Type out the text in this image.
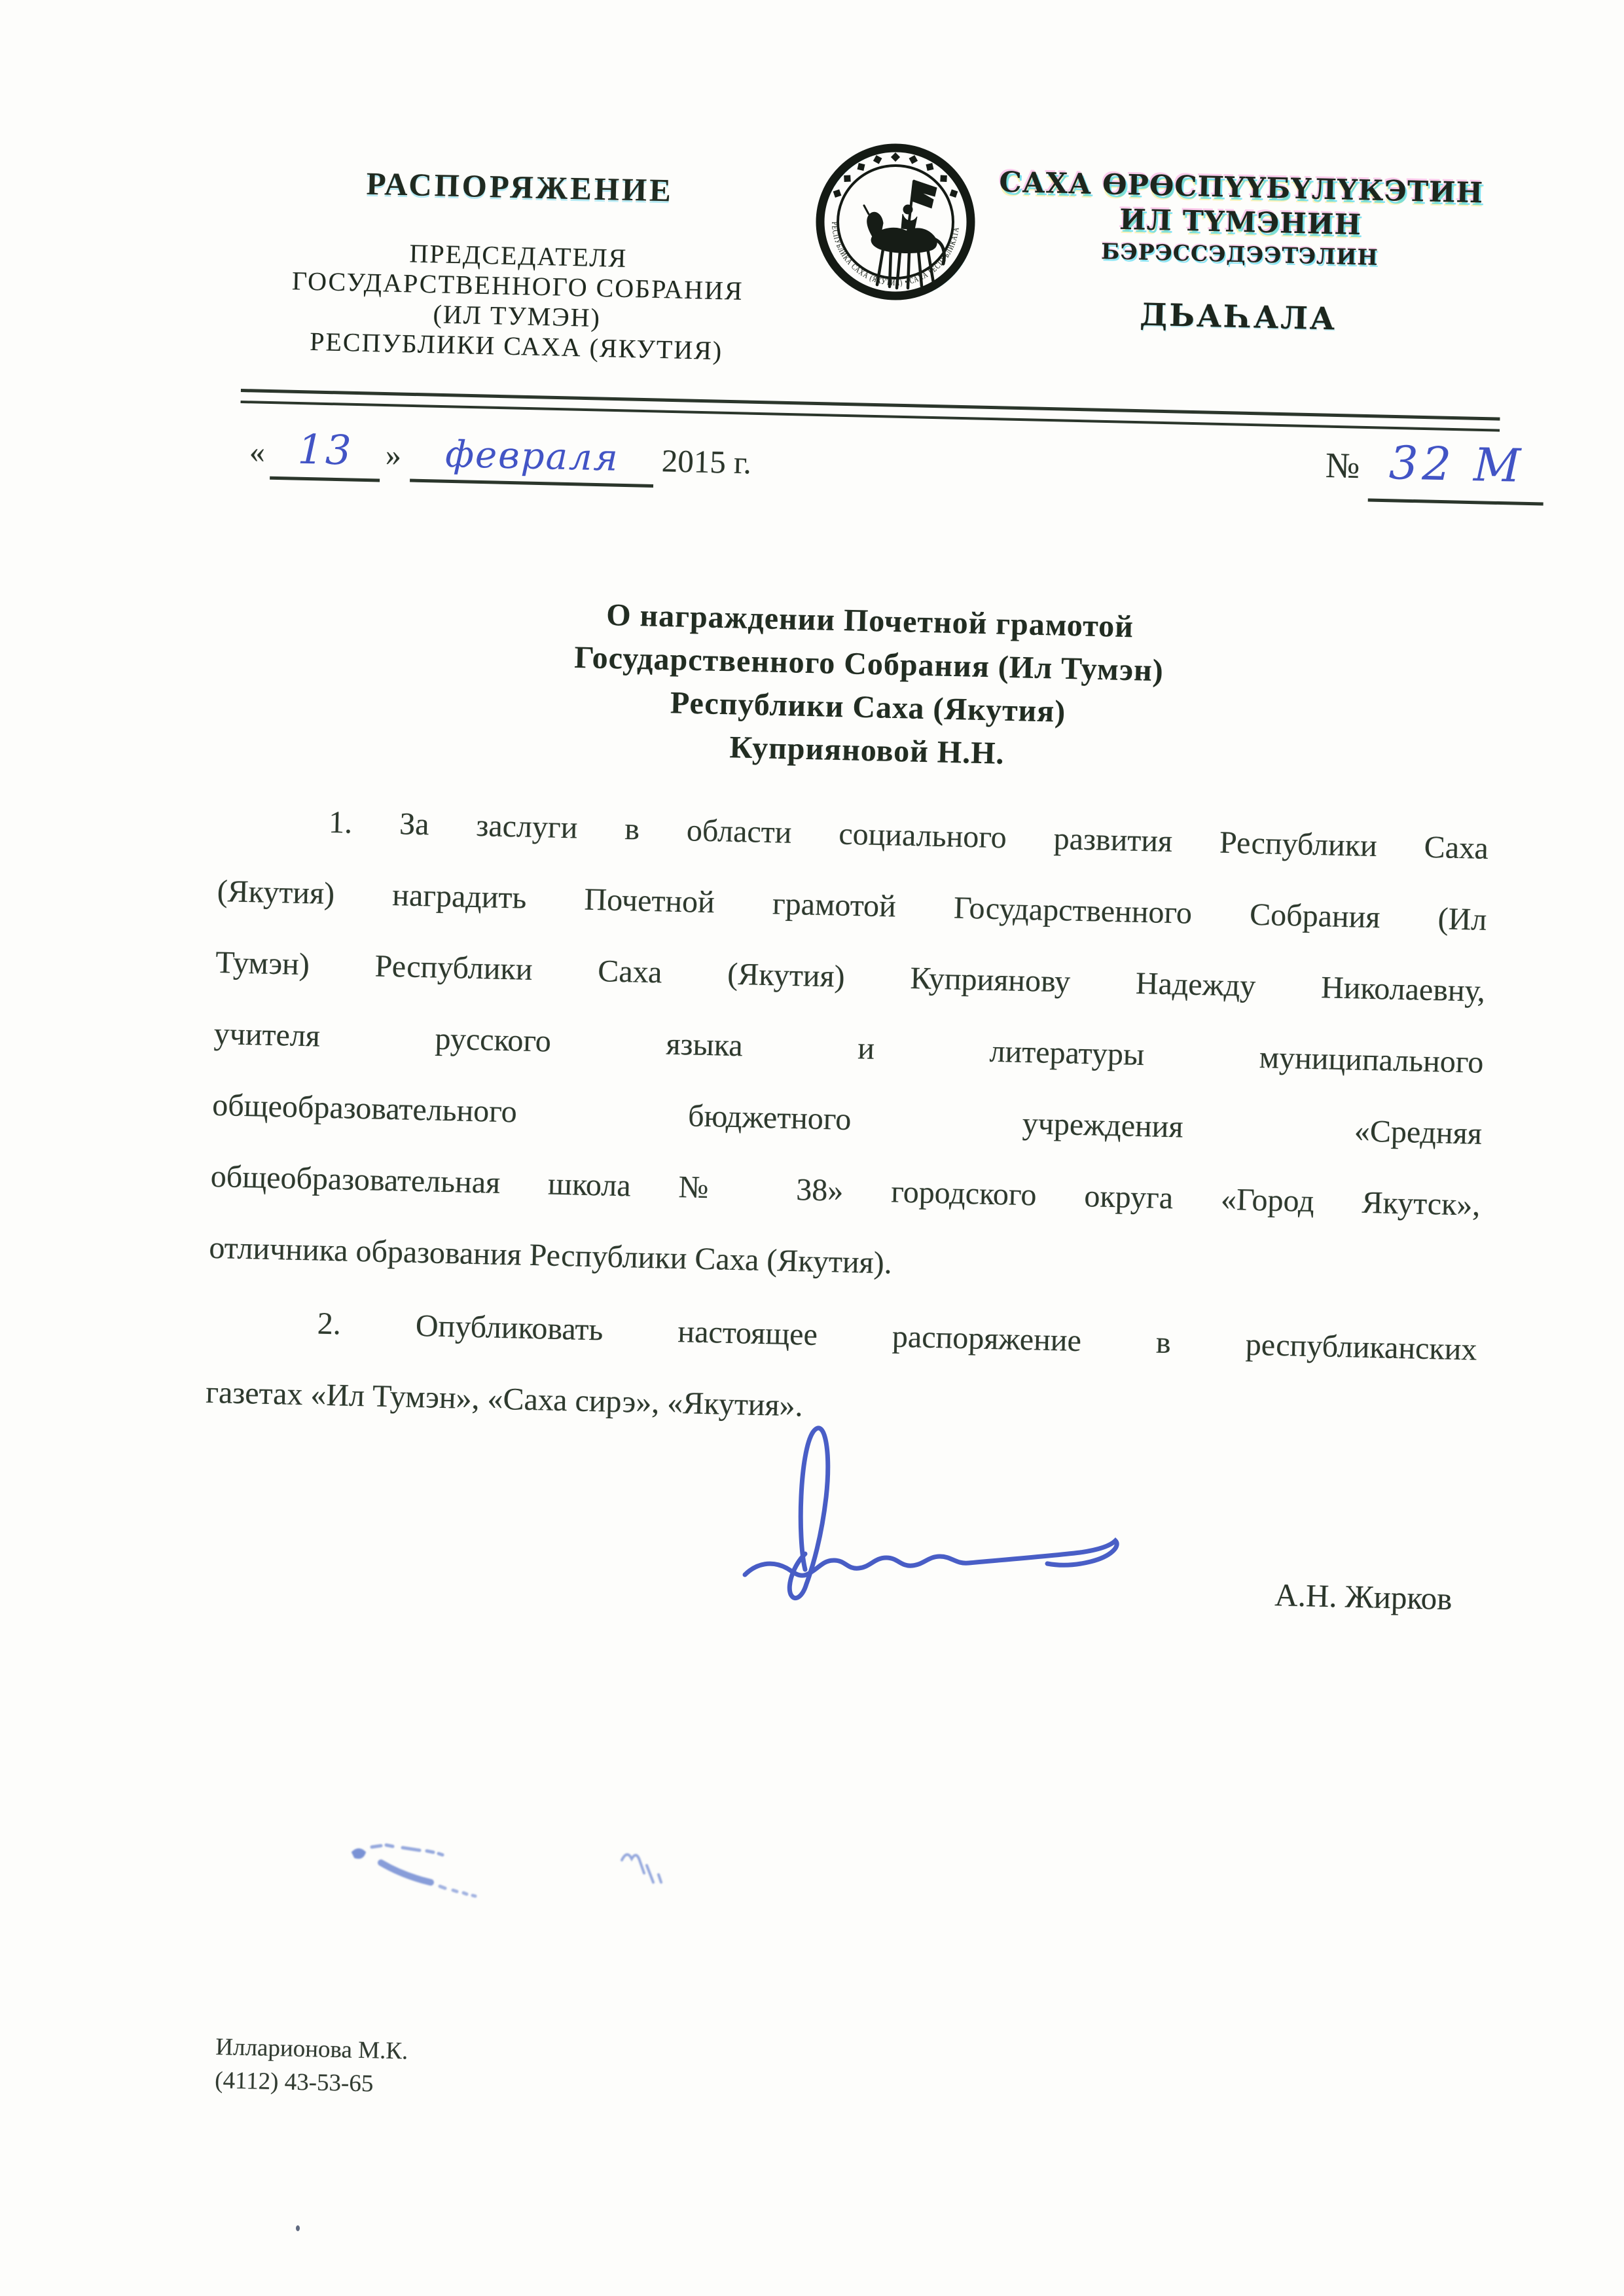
РАСПОРЯЖЕНИЕ
ПРЕДСЕДАТЕЛЯ
ГОСУДАРСТВЕННОГО СОБРАНИЯ
(ИЛ ТУМЭН)
РЕСПУБЛИКИ САХА (ЯКУТИЯ)
РЕСПУБЛИКА САХА (ЯКУТИЯ) • САХА РЕСПУБЛИКАТА
САХА ӨРӨСПҮҮБҮЛҮКЭТИН
ИЛ ТҮМЭНИН
БЭРЭССЭДЭЭТЭЛИН
ДЬАҺАЛА
« 13 »	февраля	2015 г.	№ 32 М
О награждении Почетной грамотой
Государственного Собрания (Ил Тумэн)
Республики Саха (Якутия)
Куприяновой Н.Н.
1. За заслуги в области социального развития Республики Саха
(Якутия) наградить Почетной грамотой Государственного Собрания (Ил
Тумэн) Республики Саха (Якутия) Куприянову Надежду Николаевну,
учителя русского языка и литературы муниципального
общеобразовательного бюджетного учреждения «Средняя
общеобразовательная школа № 38» городского округа «Город Якутск»,
отличника образования Республики Саха (Якутия).
2. Опубликовать настоящее распоряжение в республиканских
газетах «Ил Тумэн», «Саха сирэ», «Якутия».
А.Н. Жирков
Илларионова М.К.
(4112) 43-53-65
